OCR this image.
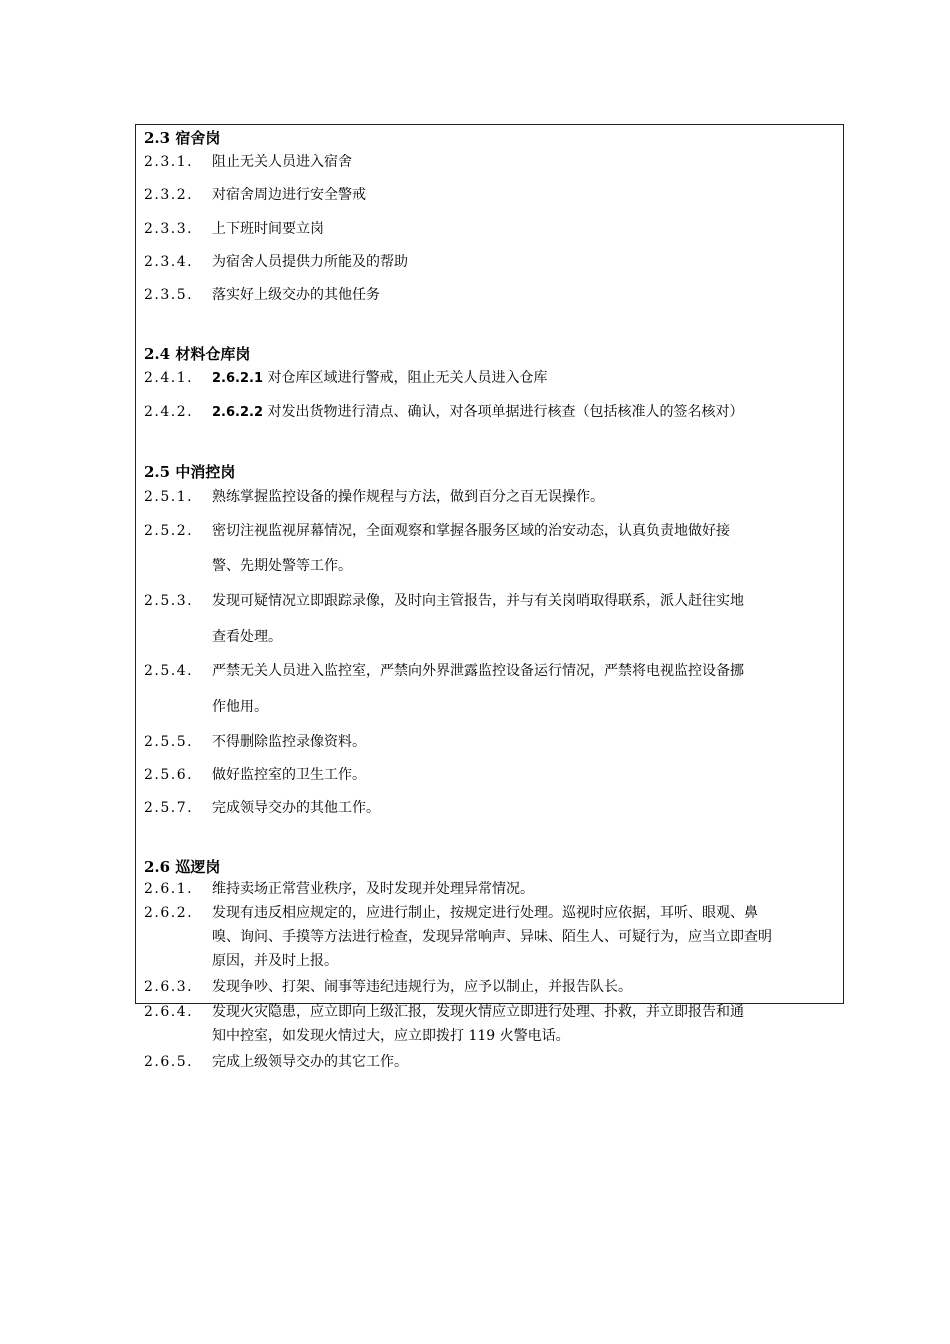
2.3 宿舍岗
2.3.1.	阻止无关人员进入宿舍
2.3.2.	对宿舍周边进行安全警戒
2.3.3.	上下班时间要立岗
2.3.4.	为宿舍人员提供力所能及的帮助
2.3.5.	落实好上级交办的其他任务
2.4 材料仓库岗
2.4.1.	2.6.2.1 对仓库区域进行警戒，阻止无关人员进入仓库
2.4.2.	2.6.2.2 对发出货物进行清点、确认，对各项单据进行核查（包括核准人的签名核对）
2.5 中消控岗
2.5.1.	熟练掌握监控设备的操作规程与方法，做到百分之百无误操作。
2.5.2.	密切注视监视屏幕情况，全面观察和掌握各服务区域的治安动态，认真负责地做好接
警、先期处警等工作。
2.5.3.	发现可疑情况立即跟踪录像，及时向主管报告，并与有关岗哨取得联系，派人赶往实地
查看处理。
2.5.4.	严禁无关人员进入监控室，严禁向外界泄露监控设备运行情况，严禁将电视监控设备挪
作他用。
2.5.5.	不得删除监控录像资料。
2.5.6.	做好监控室的卫生工作。
2.5.7.	完成领导交办的其他工作。
2.6 巡逻岗
2.6.1.	维持卖场正常营业秩序，及时发现并处理异常情况。
2.6.2.	发现有违反相应规定的，应进行制止，按规定进行处理。巡视时应依据，耳听、眼观、鼻
嗅、询问、手摸等方法进行检查，发现异常响声、异味、陌生人、可疑行为，应当立即查明
原因，并及时上报。
2.6.3.	发现争吵、打架、闹事等违纪违规行为，应予以制止，并报告队长。
2.6.4.	发现火灾隐患，应立即向上级汇报，发现火情应立即进行处理、扑救，并立即报告和通
知中控室，如发现火情过大，应立即拨打 119 火警电话。
2.6.5.	完成上级领导交办的其它工作。
